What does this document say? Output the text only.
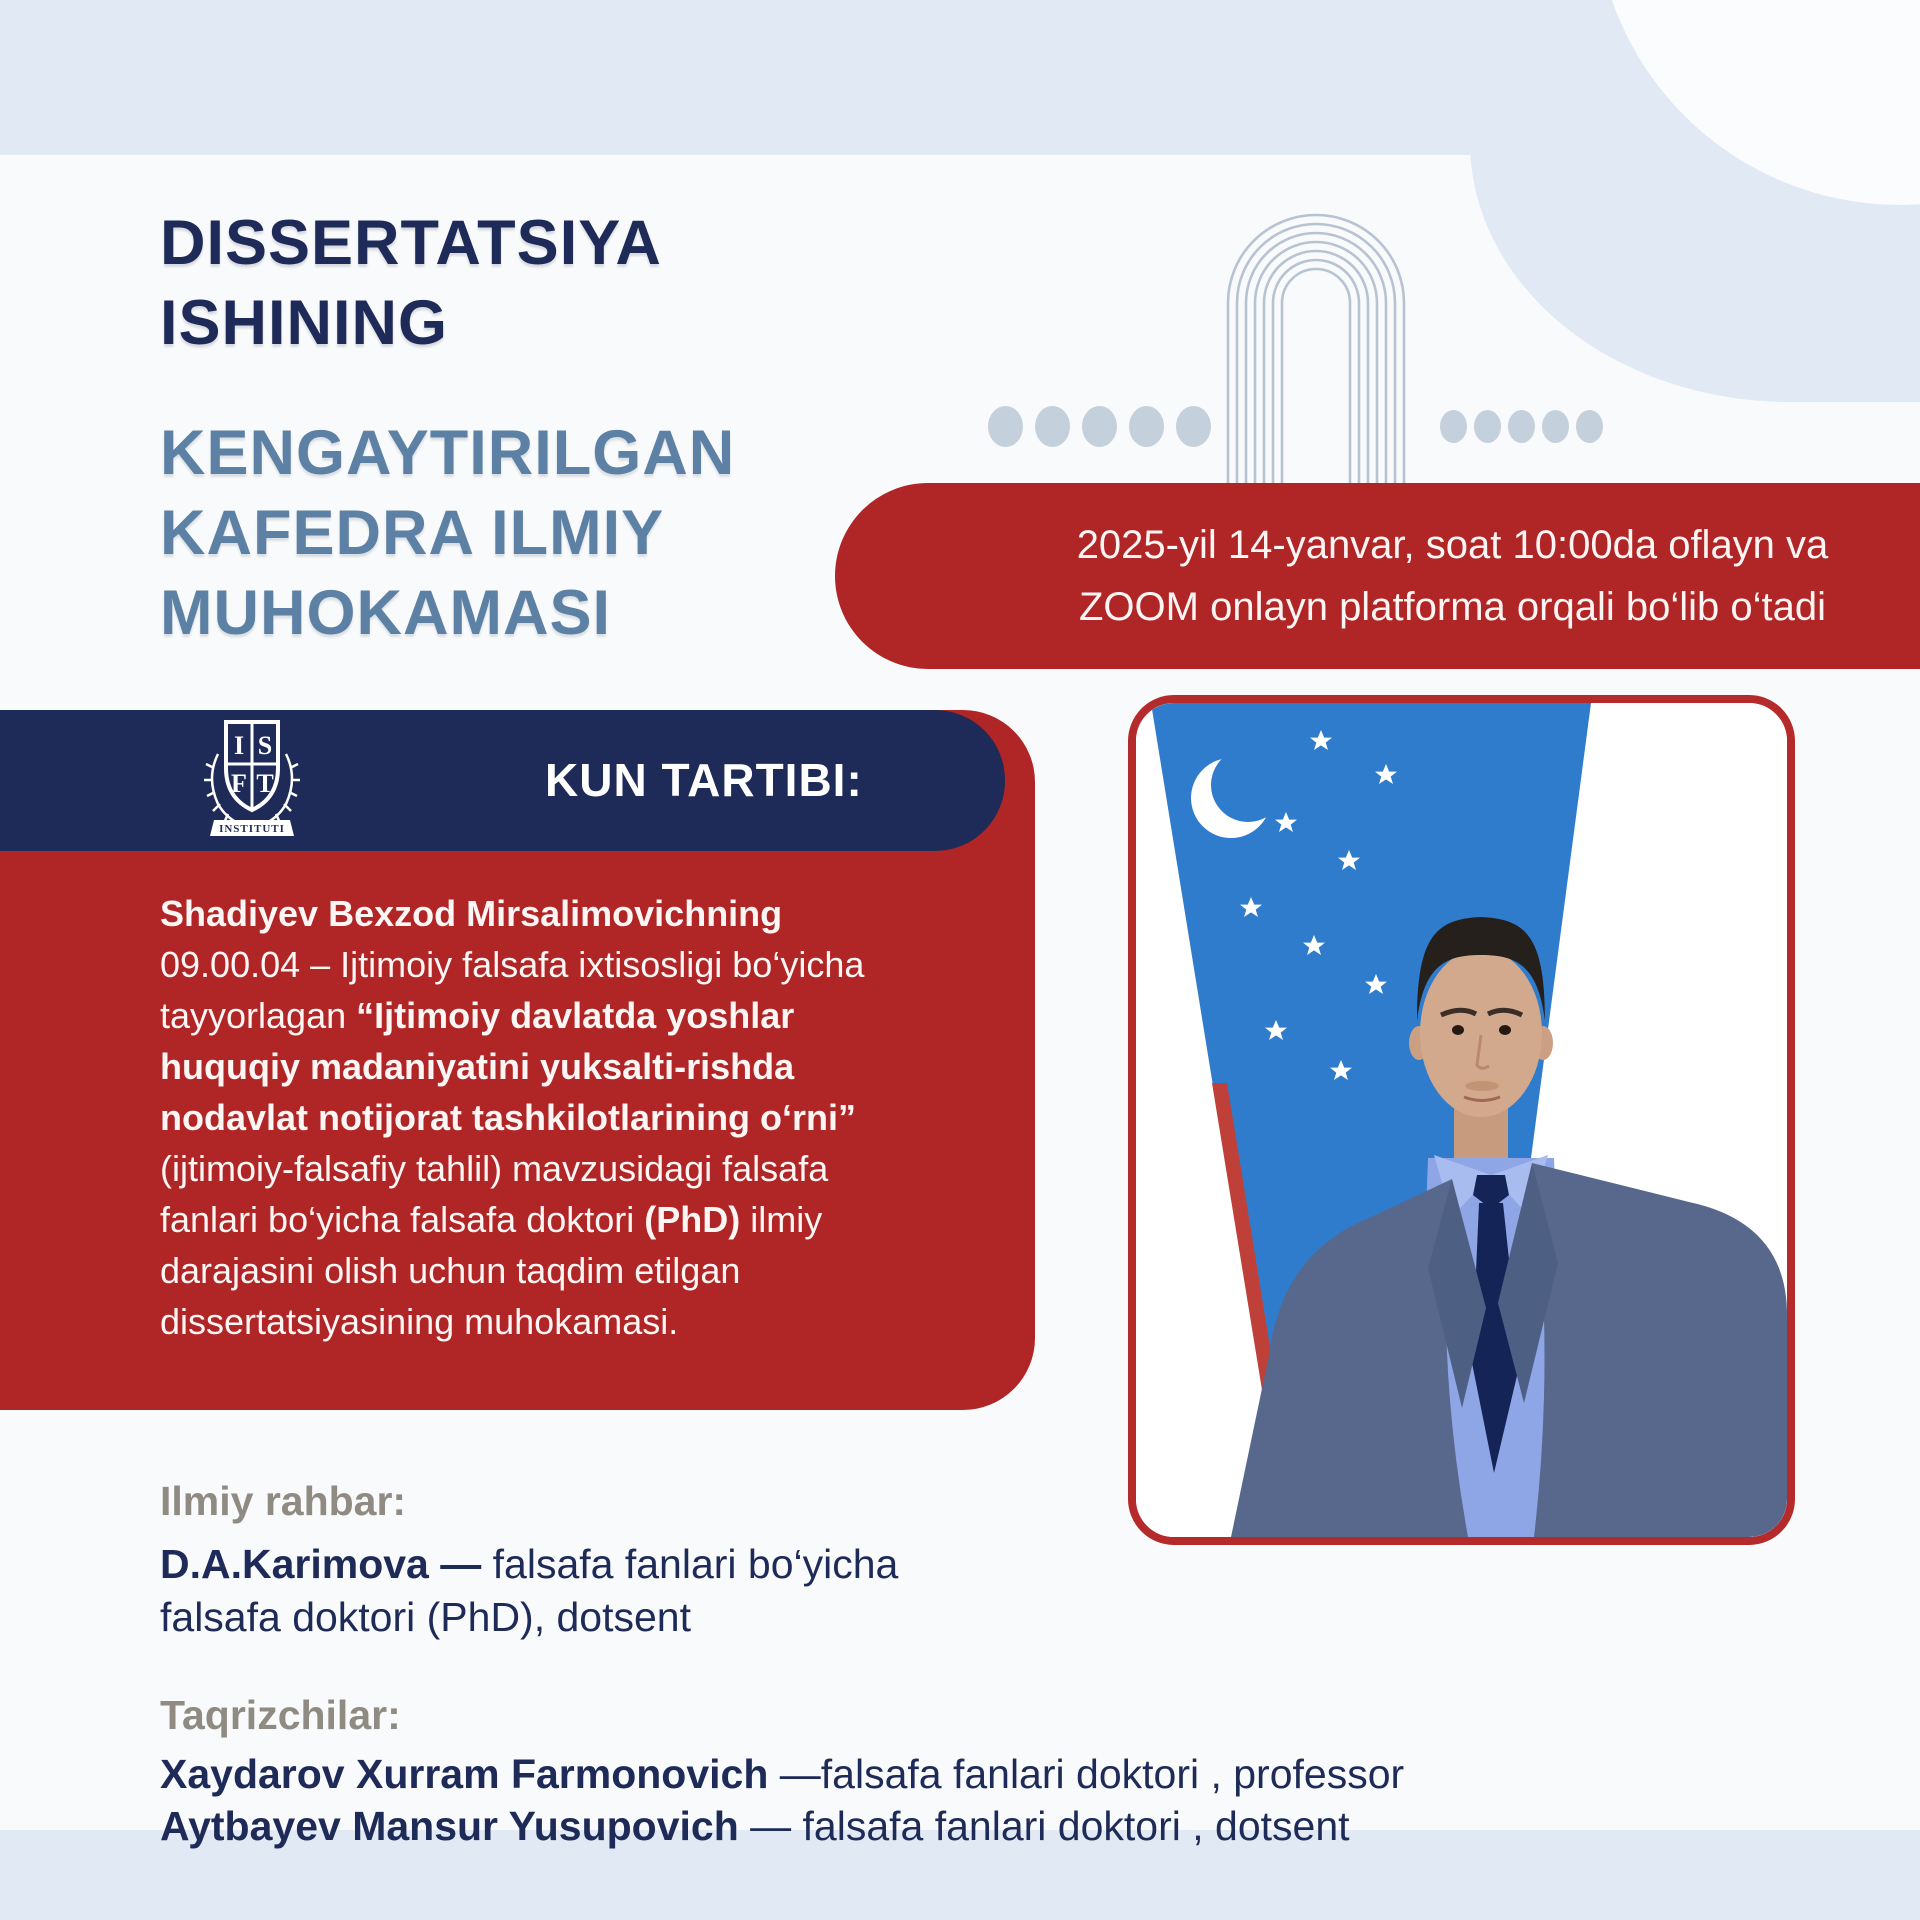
DISSERTATSIYA
ISHINING
KENGAYTIRILGAN
KAFEDRA ILMIY
MUHOKAMASI
2025-yil 14-yanvar, soat 10:00da oflayn va
ZOOM onlayn platforma orqali bo‘lib o‘tadi
I S
F T
INSTITUTI
KUN TARTIBI:
Shadiyev Bexzod Mirsalimovichning 09.00.04 – Ijtimoiy falsafa ixtisosligi bo‘yicha tayyorlagan “Ijtimoiy davlatda yoshlar huquqiy madaniyatini yuksalti-rishda nodavlat notijorat tashkilotlarining o‘rni” (ijtimoiy-falsafiy tahlil) mavzusidagi falsafa fanlari bo‘yicha falsafa doktori (PhD) ilmiy darajasini olish uchun taqdim etilgan dissertatsiyasining muhokamasi.
Ilmiy rahbar:
D.A.Karimova — falsafa fanlari bo‘yicha falsafa doktori (PhD), dotsent
Taqrizchilar:
Xaydarov Xurram Farmonovich —falsafa fanlari doktori , professor
Aytbayev Mansur Yusupovich — falsafa fanlari doktori , dotsent
